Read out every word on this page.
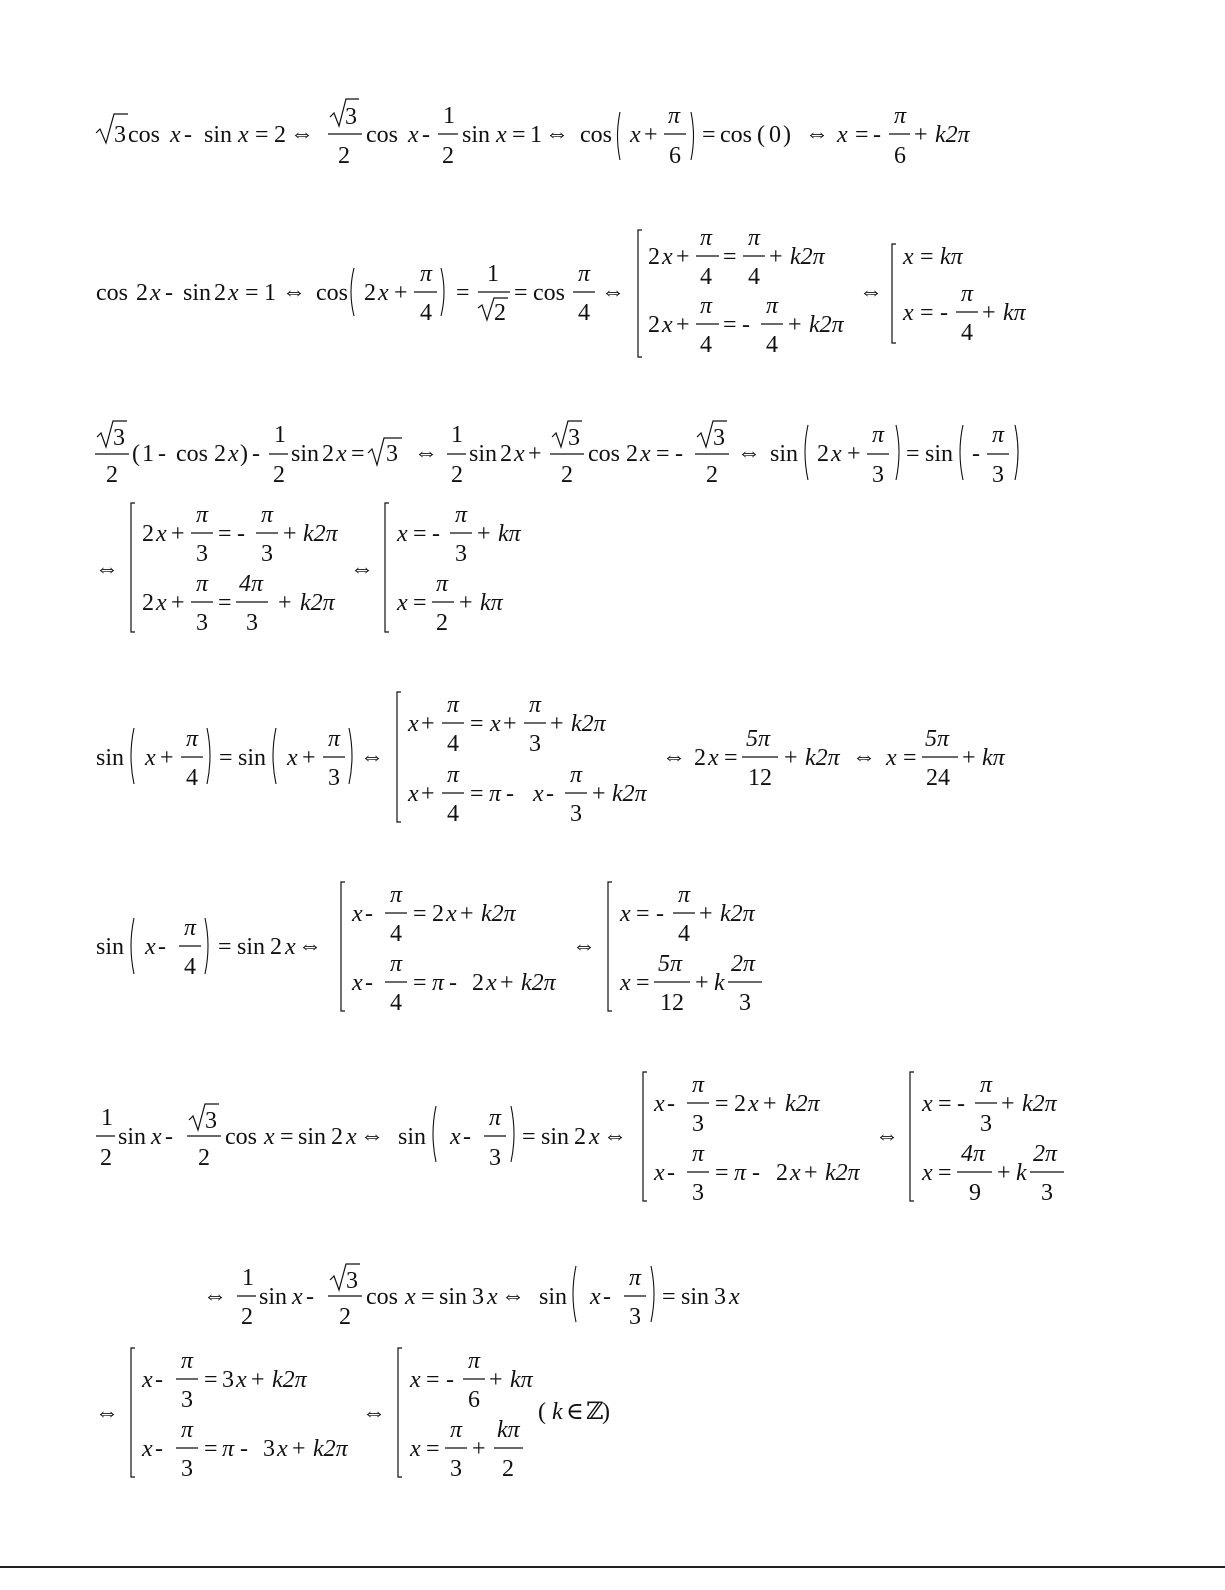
3 cos x - sin x = 2 ⇔
3
2
cos x -
1
2
sin x = 1 ⇔ cos x +
π
6
= cos ( 0 ) ⇔ x = -
π
6
+ k2π
cos 2 x - sin 2 x = 1 ⇔ cos 2 x +
π
4
=
1
2
= cos
π
4
⇔
2 x +
π
4
=
π
4
+ k2π
2 x +
π
4
= -
π
4
+ k2π
⇔
x = kπ
x = -
π
4
+ kπ
3
2
( 1 - cos 2 x ) -
1
2
sin 2 x = 3 ⇔
1
2
sin 2 x +
3
2
cos 2 x = -
3
2
⇔ sin 2 x +
π
3
= sin -
π
3
⇔
2 x +
π
3
= -
π
3
+ k2π
2 x +
π
3
=
4π
3
+ k2π
⇔
x = -
π
3
+ kπ
x =
π
2
+ kπ
sin x +
π
4
= sin x +
π
3
⇔
x +
π
4
= x +
π
3
+ k2π
x +
π
4
= π - x -
π
3
+ k2π
⇔ 2 x =
5π
12
+ k2π ⇔ x =
5π
24
+ kπ
sin x -
π
4
= sin 2 x ⇔
x -
π
4
= 2 x + k2π
x -
π
4
= π - 2 x + k2π
⇔
x = -
π
4
+ k2π
x =
5π
12
+ k
2π
3
1
2
sin x -
3
2
cos x = sin 2 x ⇔ sin x -
π
3
= sin 2 x ⇔
x -
π
3
= 2 x + k2π
x -
π
3
= π - 2 x + k2π
⇔
x = -
π
3
+ k2π
x =
4π
9
+ k
2π
3
⇔
1
2
sin x -
3
2
cos x = sin 3 x ⇔ sin x -
π
3
= sin 3 x
⇔
x -
π
3
= 3 x + k2π
x -
π
3
= π - 3 x + k2π
⇔
x = -
π
6
+ kπ
x =
π
3
+
kπ
2
( k ∈ ℤ
)
